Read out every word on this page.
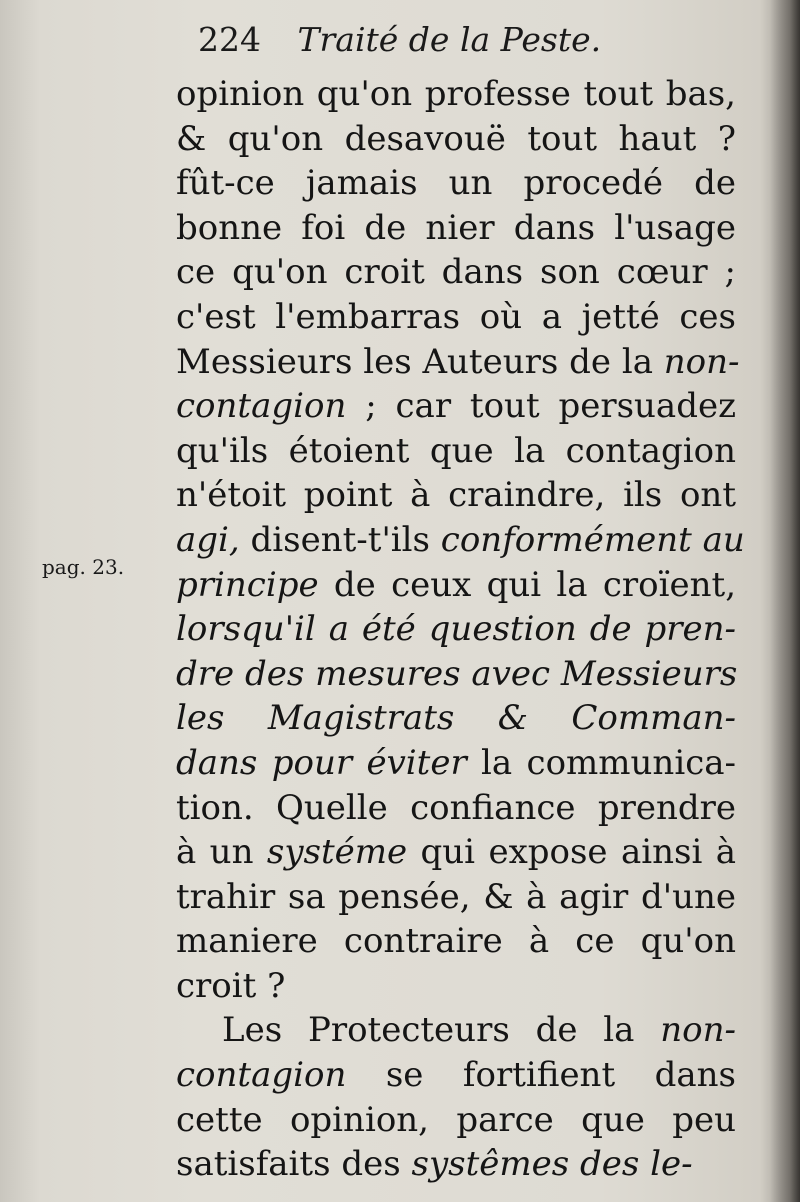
224 Traité de la Peste.
pag. 23.
opinion qu'on professe tout bas,
& qu'on desavouë tout haut ?
fût-ce jamais un procedé de
bonne foi de nier dans l'usage
ce qu'on croit dans son cœur ;
c'est l'embarras où a jetté ces
Messieurs les Auteurs de la non-
contagion ; car tout persuadez
qu'ils étoient que la contagion
n'étoit point à craindre, ils ont
agi, disent-t'ils conformément au
principe de ceux qui la croïent,
lorsqu'il a été question de pren-
dre des mesures avec Messieurs
les Magistrats & Comman-
dans pour éviter la communica-
tion. Quelle confiance prendre
à un systéme qui expose ainsi à
trahir sa pensée, & à agir d'une
maniere contraire à ce qu'on
croit ?
Les Protecteurs de la non-
contagion se fortifient dans
cette opinion, parce que peu
satisfaits des systêmes des le-
